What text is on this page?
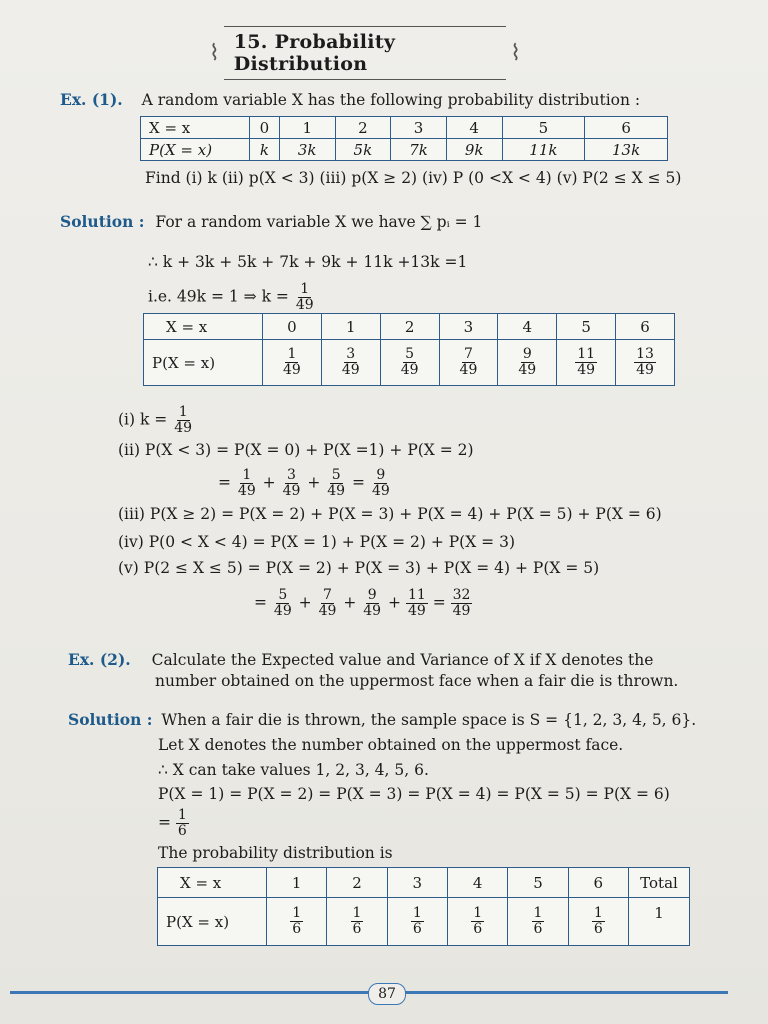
⌇ 15. Probability Distribution	⌇
Ex. (1). A random variable X has the following probability distribution :
X = x	0	1	2	3	4	5	6
P(X = x)	k	3k	5k	7k	9k	11k	13k
Find (i) k (ii) p(X < 3) (iii) p(X ≥ 2) (iv) P (0 <X < 4) (v) P(2 ≤ X ≤ 5)
Solution : For a random variable X we have ∑ pᵢ = 1
∴ k + 3k + 5k + 7k + 9k + 11k +13k =1
i.e. 49k = 1 ⇒ $k = \frac{1}{49}$
X = x	0	1	2	3	4	5	6
P(X = x)	$\frac{1}{49}$	$\frac{3}{49}$	$\frac{5}{49}$	$\frac{7}{49}$	$\frac{9}{49}$	$\frac{11}{49}$	$\frac{13}{49}$
(i) $k = \frac{1}{49}$
(ii) P(X < 3) = P(X = 0) + P(X =1) + P(X = 2)
= $\frac{1}{49} + \frac{3}{49} + \frac{5}{49} = \frac{9}{49}$
(iii) P(X ≥ 2) = P(X = 2) + P(X = 3) + P(X = 4) + P(X = 5) + P(X = 6)
(iv) P(0 < X < 4) = P(X = 1) + P(X = 2) + P(X = 3)
(v) P(2 ≤ X ≤ 5) = P(X = 2) + P(X = 3) + P(X = 4) + P(X = 5)
= $\frac{5}{49} + \frac{7}{49} + \frac{9}{49} + \frac{11}{49} = \frac{32}{49}$
Ex. (2). Calculate the Expected value and Variance of X if X denotes the
number obtained on the uppermost face when a fair die is thrown.
Solution : When a fair die is thrown, the sample space is S = {1, 2, 3, 4, 5, 6}.
Let X denotes the number obtained on the uppermost face.
∴ X can take values 1, 2, 3, 4, 5, 6.
P(X = 1) = P(X = 2) = P(X = 3) = P(X = 4) = P(X = 5) = P(X = 6)
= $\frac{1}{6}$
The probability distribution is
X = x	1	2	3	4	5	6	Total
P(X = x)	$\frac{1}{6}$	$\frac{1}{6}$	$\frac{1}{6}$	$\frac{1}{6}$	$\frac{1}{6}$	$\frac{1}{6}$	1
87
